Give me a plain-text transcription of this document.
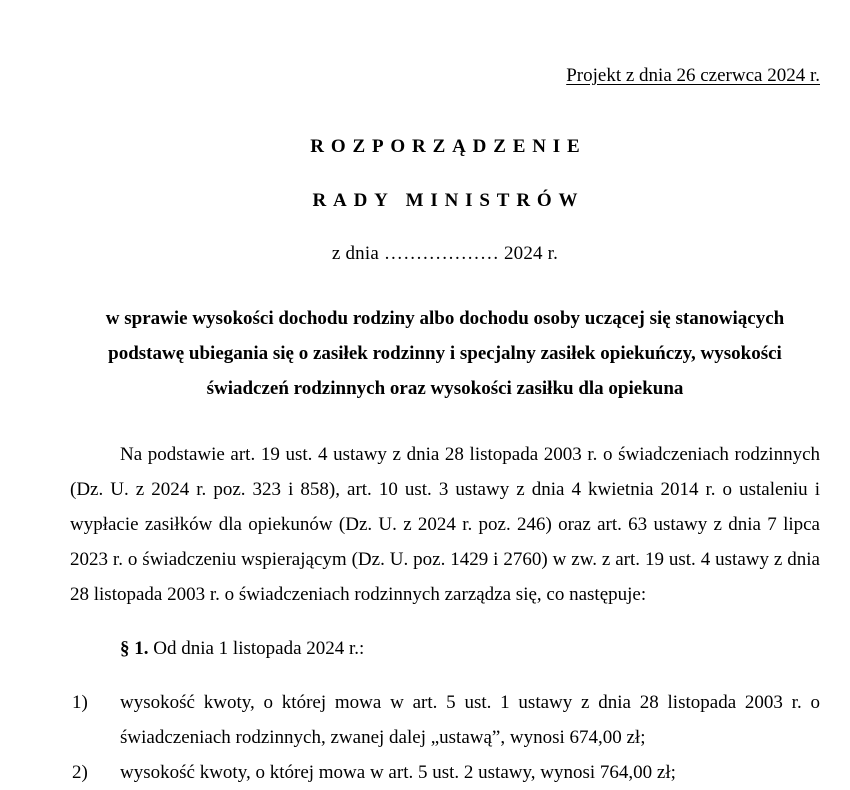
Projekt z dnia 26 czerwca 2024 r.
ROZPORZĄDZENIE
RADY MINISTRÓW
z dnia ……………… 2024 r.
w sprawie wysokości dochodu rodziny albo dochodu osoby uczącej się stanowiących
podstawę ubiegania się o zasiłek rodzinny i specjalny zasiłek opiekuńczy, wysokości
świadczeń rodzinnych oraz wysokości zasiłku dla opiekuna

Na podstawie art. 19 ust. 4 ustawy z dnia 28 listopada 2003 r. o świadczeniach rodzinnych (Dz. U. z 2024 r. poz. 323 i 858), art. 10 ust. 3 ustawy z dnia 4 kwietnia 2014 r. o ustaleniu i wypłacie zasiłków dla opiekunów (Dz. U. z 2024 r. poz. 246) oraz art. 63 ustawy z dnia 7 lipca 2023 r. o świadczeniu wspierającym (Dz. U. poz. 1429 i 2760) w zw. z art. 19 ust. 4 ustawy z dnia 28 listopada 2003 r. o świadczeniach rodzinnych zarządza się, co następuje:

§ 1. Od dnia 1 listopada 2024 r.:

1)	wysokość kwoty, o której mowa w art. 5 ust. 1 ustawy z dnia 28 listopada 2003 r. o świadczeniach rodzinnych, zwanej dalej „ustawą”, wynosi 674,00 zł;
2)	wysokość kwoty, o której mowa w art. 5 ust. 2 ustawy, wynosi 764,00 zł;
